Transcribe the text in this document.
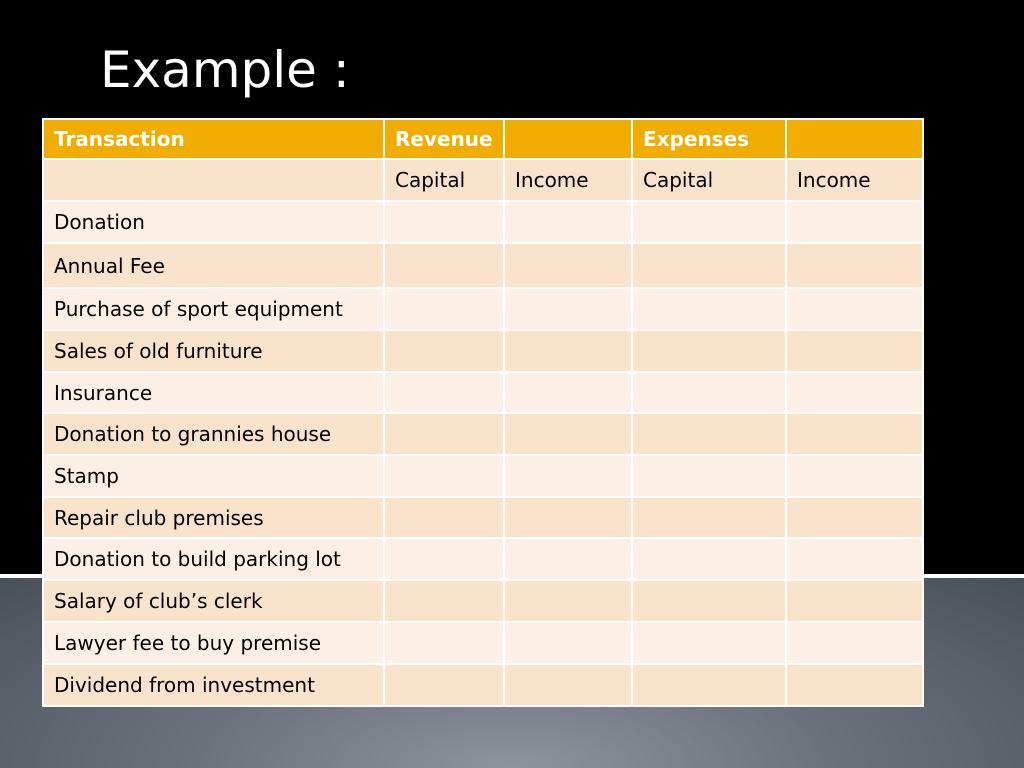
Example :
Transaction	Revenue		Expenses	
	Capital	Income	Capital	Income
Donation				
Annual Fee				
Purchase of sport equipment				
Sales of old furniture				
Insurance				
Donation to grannies house				
Stamp				
Repair club premises				
Donation to build parking lot				
Salary of club’s clerk				
Lawyer fee to buy premise				
Dividend from investment				
